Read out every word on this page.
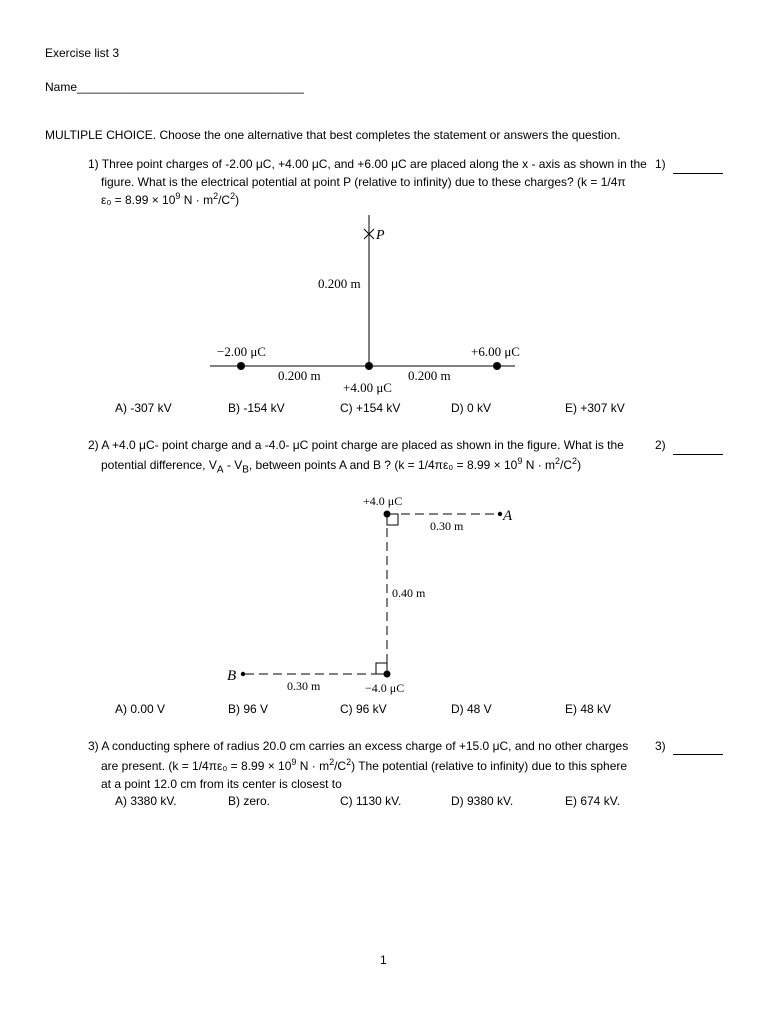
Exercise list 3
Name__________________________________
MULTIPLE CHOICE. Choose the one alternative that best completes the statement or answers the question.
1) Three point charges of -2.00 μC, +4.00 μC, and +6.00 μC are placed along the x - axis as shown in the
figure. What is the electrical potential at point P (relative to infinity) due to these charges? (k = 1/4π
$\varepsilon_0 = 8.99 \times 10^9$ $N \cdot m^2/C^2$)
1)
P
0.200 m
−2.00 μC	+6.00 μC
0.200 m	0.200 m
+4.00 μC
A) -307 kV	B) -154 kV	C) +154 kV	D) 0 kV	E) +307 kV
2) A +4.0 μC- point charge and a -4.0- μC point charge are placed as shown in the figure. What is the
potential difference, $V_A - V_B$, between points A and B ? ($k = 1/4\pi\varepsilon_0 = 8.99 \times 10^9$ $N \cdot m^2/C^2$)
2)
+4.0 μC
A
0.30 m
0.40 m
B
0.30 m	−4.0 μC
A) 0.00 V	B) 96 V	C) 96 kV	D) 48 V	E) 48 kV
3) A conducting sphere of radius 20.0 cm carries an excess charge of +15.0 μC, and no other charges
are present. ($k = 1/4\pi\varepsilon_0 = 8.99 \times 10^9$ $N \cdot m^2/C^2$) The potential (relative to infinity) due to this sphere
at a point 12.0 cm from its center is closest to
3)
A) 3380 kV.	B) zero.	C) 1130 kV.	D) 9380 kV.	E) 674 kV.
1
